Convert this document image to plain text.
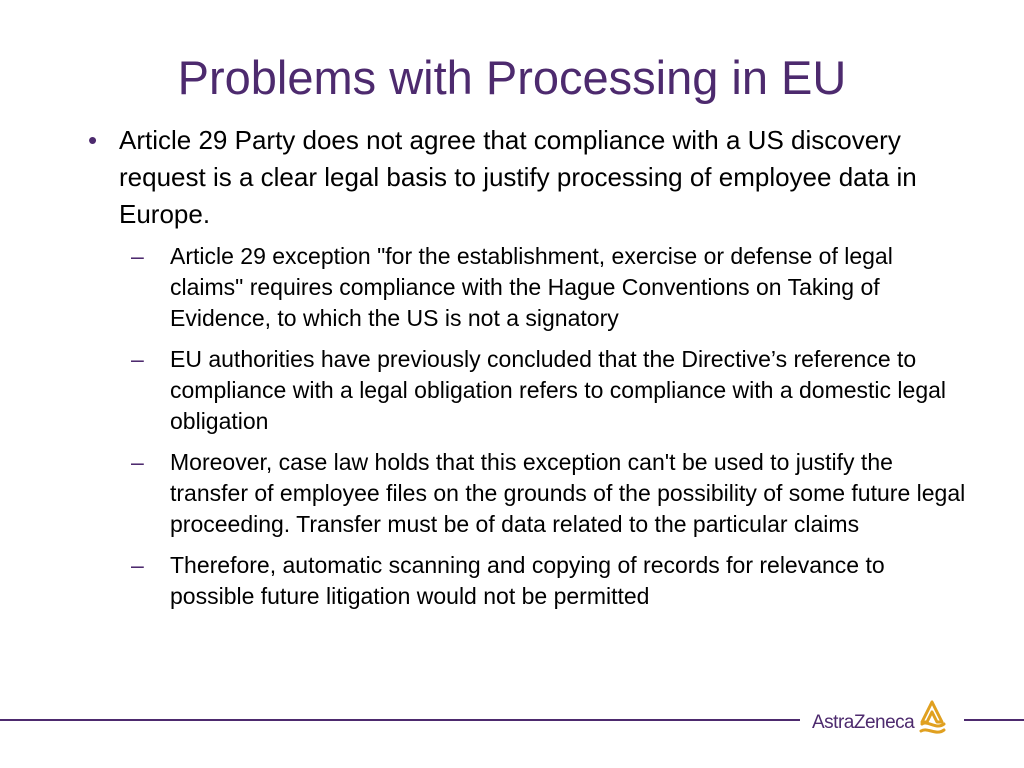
Problems with Processing in EU
• Article 29 Party does not agree that compliance with a US discovery request is a clear legal basis to justify processing of employee data in Europe.
– Article 29 exception "for the establishment, exercise or defense of legal claims" requires compliance with the Hague Conventions on Taking of Evidence, to which the US is not a signatory
– EU authorities have previously concluded that the Directive’s reference to compliance with a legal obligation refers to compliance with a domestic legal obligation
– Moreover, case law holds that this exception can't be used to justify the transfer of employee files on the grounds of the possibility of some future legal proceeding. Transfer must be of data related to the particular claims
– Therefore, automatic scanning and copying of records for relevance to possible future litigation would not be permitted
AstraZeneca
